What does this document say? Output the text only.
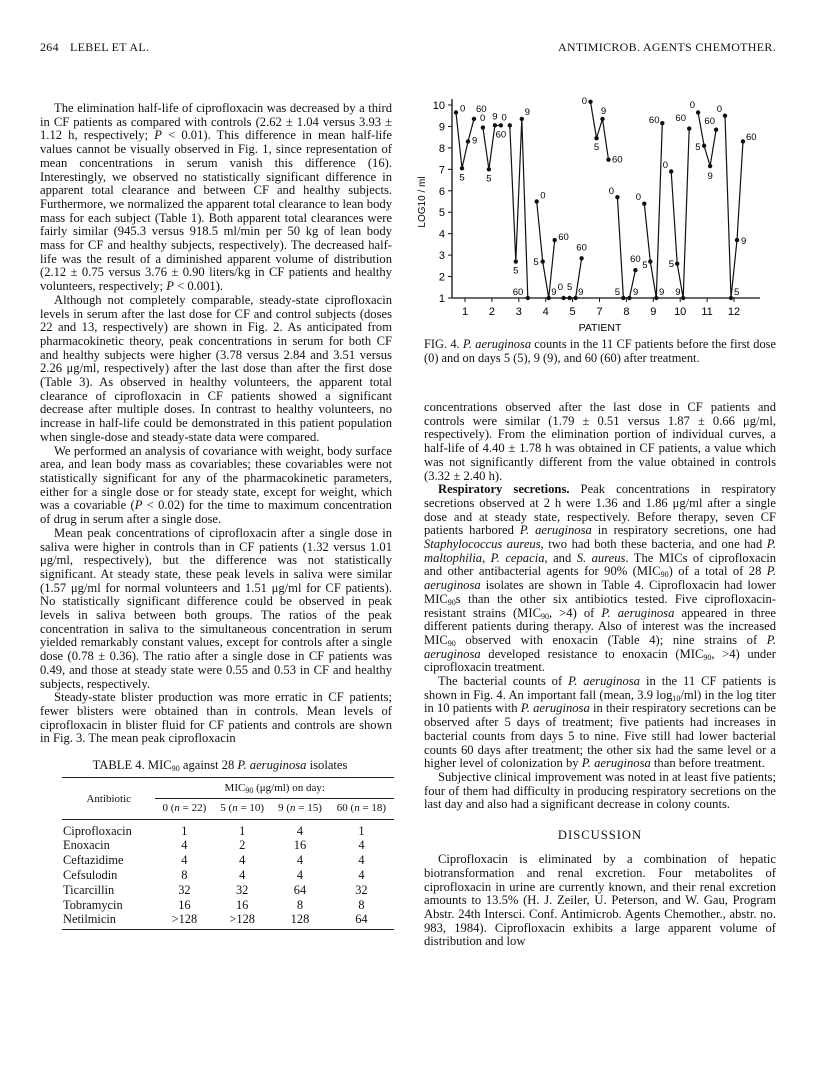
264 LEBEL ET AL.	ANTIMICROB. AGENTS CHEMOTHER.

The elimination half-life of ciprofloxacin was decreased by a third in CF patients as compared with controls (2.62 ± 1.04 versus 3.93 ± 1.12 h, respectively; P < 0.01). This difference in mean half-life values cannot be visually observed in Fig. 1, since representation of mean concentrations in serum vanish this difference (16). Interestingly, we observed no statistically significant difference in apparent total clearance and between CF and healthy subjects. Furthermore, we normalized the apparent total clearance to lean body mass for each subject (Table 1). Both apparent total clearances were fairly similar (945.3 versus 918.5 ml/min per 50 kg of lean body mass for CF and healthy subjects, respectively). The decreased half-life was the result of a diminished apparent volume of distribution (2.12 ± 0.75 versus 3.76 ± 0.90 liters/kg in CF patients and healthy volunteers, respectively; P < 0.001).

Although not completely comparable, steady-state ciprofloxacin levels in serum after the last dose for CF and control subjects (doses 22 and 13, respectively) are shown in Fig. 2. As anticipated from pharmacokinetic theory, peak concentrations in serum for both CF and healthy subjects were higher (3.78 versus 2.84 and 3.51 versus 2.26 μg/ml, respectively) after the last dose than after the first dose (Table 3). As observed in healthy volunteers, the apparent total clearance of ciprofloxacin in CF patients showed a significant decrease after multiple doses. In contrast to healthy volunteers, no increase in half-life could be demonstrated in this patient population when single-dose and steady-state data were compared.

We performed an analysis of covariance with weight, body surface area, and lean body mass as covariables; these covariables were not statistically significant for any of the pharmacokinetic parameters, either for a single dose or for steady state, except for weight, which was a covariable (P < 0.02) for the time to maximum concentration of drug in serum after a single dose.

Mean peak concentrations of ciprofloxacin after a single dose in saliva were higher in controls than in CF patients (1.32 versus 1.01 μg/ml, respectively), but the difference was not statistically significant. At steady state, these peak levels in saliva were similar (1.57 μg/ml for normal volunteers and 1.51 μg/ml for CF patients). No statistically significant difference could be observed in peak levels in saliva between both groups. The ratios of the peak concentration in saliva to the simultaneous concentration in serum yielded remarkably constant values, except for controls after a single dose (0.78 ± 0.36). The ratio after a single dose in CF patients was 0.49, and those at steady state were 0.55 and 0.53 in CF and healthy subjects, respectively.

Steady-state blister production was more erratic in CF patients; fewer blisters were obtained than in controls. Mean levels of ciprofloxacin in blister fluid for CF patients and controls are shown in Fig. 3. The mean peak ciprofloxacin

TABLE 4. $MIC_{90}$ against 28 P. aeruginosa isolates
Antibiotic	$MIC_{90}$ (μg/ml) on day:			
	0 (n = 22)	5 (n = 10)	9 (n = 15)	60 (n = 18)
Ciprofloxacin	1	1	4	1
Enoxacin	4	2	16	4
Ceftazidime	4	4	4	4
Cefsulodin	8	4	4	4
Ticarcillin	32	32	64	32
Tobramycin	16	16	8	8
Netilmicin	>128	>128	128	64
1
2
3
4
5
6
7
8
9
10
1 2 3 4 5 7 8 9 10 11 12
PATIENT
LOG10 / ml
0
5
9
60
0
5
9
60
0
5
9
60
0
5
9
60
0 5 9
60
0
5
9
60
0
5 9
60
0
5
9
60
0
5
9
60
0
5
9
60
0
5
9
60
FIG. 4. P. aeruginosa counts in the 11 CF patients before the first dose (0) and on days 5 (5), 9 (9), and 60 (60) after treatment.

concentrations observed after the last dose in CF patients and controls were similar (1.79 ± 0.51 versus 1.87 ± 0.66 μg/ml, respectively). From the elimination portion of individual curves, a half-life of 4.40 ± 1.78 h was obtained in CF patients, a value which was not significantly different from the value obtained in controls (3.32 ± 2.40 h).

Respiratory secretions. Peak concentrations in respiratory secretions observed at 2 h were 1.36 and 1.86 μg/ml after a single dose and at steady state, respectively. Before therapy, seven CF patients harbored P. aeruginosa in respiratory secretions, one had Staphylococcus aureus, two had both these bacteria, and one had P. maltophilia, P. cepacia, and S. aureus. The MICs of ciprofloxacin and other antibacterial agents for 90% $(MIC_{90})$ of a total of 28 P. aeruginosa isolates are shown in Table 4. Ciprofloxacin had lower $MIC_{90}s$ than the other six antibiotics tested. Five ciprofloxacin-resistant strains ($MIC_{90}$, >4) of P. aeruginosa appeared in three different patients during therapy. Also of interest was the increased $MIC_{90}$ observed with enoxacin (Table 4); nine strains of P. aeruginosa developed resistance to enoxacin ($MIC_{90}$, >4) under ciprofloxacin treatment.

The bacterial counts of P. aeruginosa in the 11 CF patients is shown in Fig. 4. An important fall (mean, 3.9 $\log_{10}/ml$) in the log titer in 10 patients with P. aeruginosa in their respiratory secretions can be observed after 5 days of treatment; five patients had increases in bacterial counts from days 5 to nine. Five still had lower bacterial counts 60 days after treatment; the other six had the same level or a higher level of colonization by P. aeruginosa than before treatment.

Subjective clinical improvement was noted in at least five patients; four of them had difficulty in producing respiratory secretions on the last day and also had a significant decrease in colony counts.

DISCUSSION

Ciprofloxacin is eliminated by a combination of hepatic biotransformation and renal excretion. Four metabolites of ciprofloxacin in urine are currently known, and their renal excretion amounts to 13.5% (H. J. Zeiler, U. Peterson, and W. Gau, Program Abstr. 24th Intersci. Conf. Antimicrob. Agents Chemother., abstr. no. 983, 1984). Ciprofloxacin exhibits a large apparent volume of distribution and low
